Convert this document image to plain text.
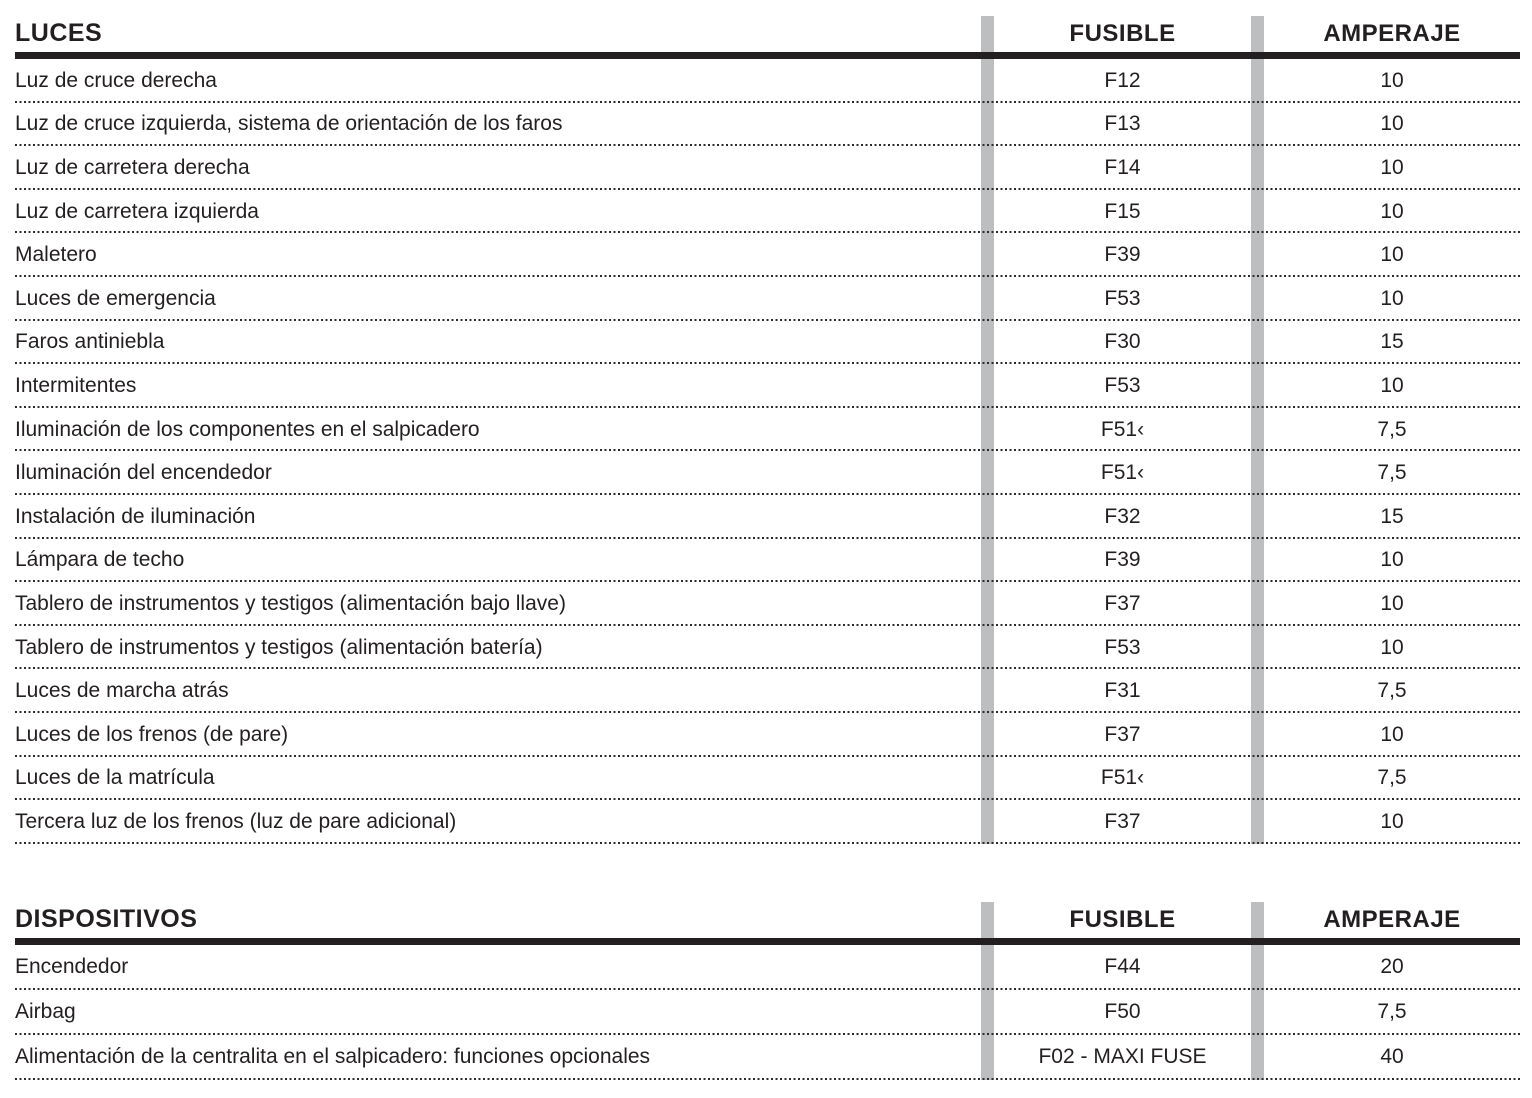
LUCES	FUSIBLE	AMPERAJE
Luz de cruce derecha	F12	10
Luz de cruce izquierda, sistema de orientación de los faros	F13	10
Luz de carretera derecha	F14	10
Luz de carretera izquierda	F15	10
Maletero	F39	10
Luces de emergencia	F53	10
Faros antiniebla	F30	15
Intermitentes	F53	10
Iluminación de los componentes en el salpicadero	F51‹	7,5
Iluminación del encendedor	F51‹	7,5
Instalación de iluminación	F32	15
Lámpara de techo	F39	10
Tablero de instrumentos y testigos (alimentación bajo llave)	F37	10
Tablero de instrumentos y testigos (alimentación batería)	F53	10
Luces de marcha atrás	F31	7,5
Luces de los frenos (de pare)	F37	10
Luces de la matrícula	F51‹	7,5
Tercera luz de los frenos (luz de pare adicional)	F37	10
DISPOSITIVOS	FUSIBLE	AMPERAJE
Encendedor	F44	20
Airbag	F50	7,5
Alimentación de la centralita en el salpicadero: funciones opcionales	F02 - MAXI FUSE	40
